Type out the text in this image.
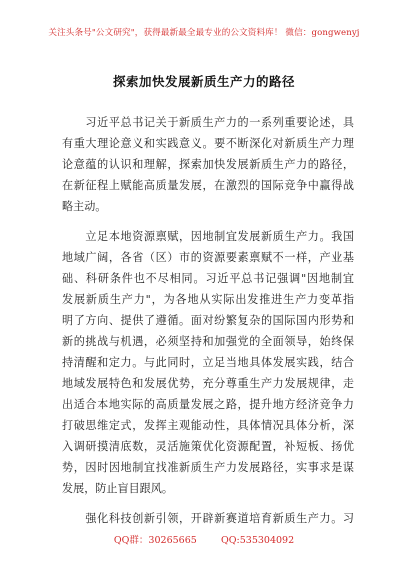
关注头条号"公文研究"，获得最新最全最专业的公文资料库！ 微信：gongwenyj
探索加快发展新质生产力的路径
　　习近平总书记关于新质生产力的一系列重要论述，具
有重大理论意义和实践意义。要不断深化对新质生产力理
论意蕴的认识和理解，探索加快发展新质生产力的路径，
在新征程上赋能高质量发展，在激烈的国际竞争中赢得战
略主动。
　　立足本地资源禀赋，因地制宜发展新质生产力。我国
地域广阔，各省（区）市的资源要素禀赋不一样，产业基
础、科研条件也不尽相同。习近平总书记强调"因地制宜
发展新质生产力"，为各地从实际出发推进生产力变革指
明了方向、提供了遵循。面对纷繁复杂的国际国内形势和
新的挑战与机遇，必须坚持和加强党的全面领导，始终保
持清醒和定力。与此同时，立足当地具体发展实践，结合
地域发展特色和发展优势，充分尊重生产力发展规律，走
出适合本地实际的高质量发展之路，提升地方经济竞争力
打破思维定式，发挥主观能动性，具体情况具体分析，深
入调研摸清底数，灵活施策优化资源配置，补短板、扬优
势，因时因地制宜找准新质生产力发展路径，实事求是谋
发展，防止盲目跟风。
　　强化科技创新引领，开辟新赛道培育新质生产力。习
QQ群：30265665        QQ:535304092
